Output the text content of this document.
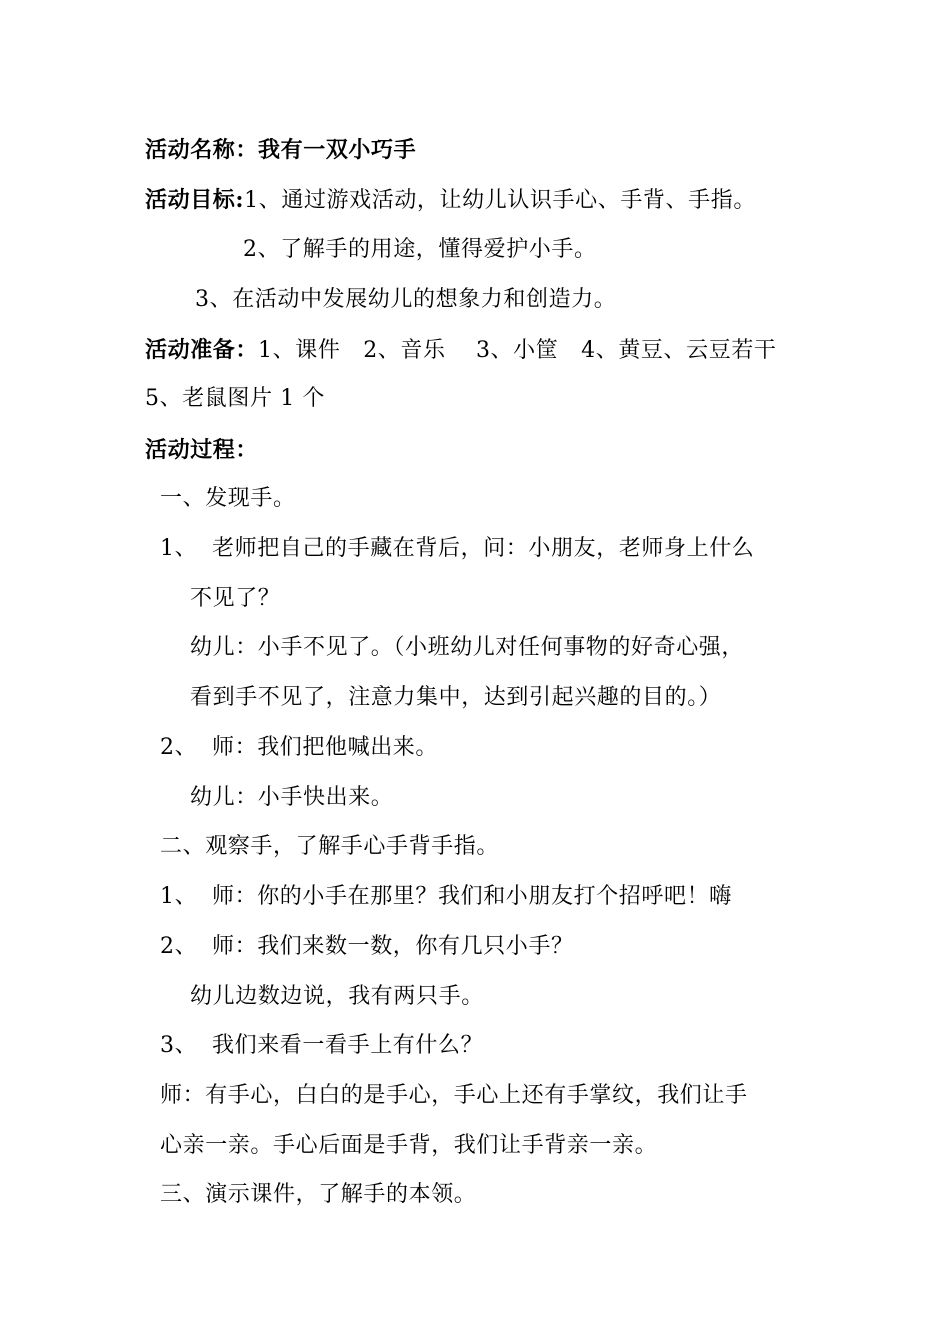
活动名称：我有一双小巧手
活动目标:1、通过游戏活动，让幼儿认识手心、手背、手指。
2、了解手的用途，懂得爱护小手。
3、在活动中发展幼儿的想象力和创造力。
活动准备：1、课件   2、音乐    3、小筐   4、黄豆、云豆若干
5、老鼠图片 1 个
活动过程：
一、发现手。
1、 老师把自己的手藏在背后，问：小朋友，老师身上什么
不见了？
幼儿：小手不见了。（小班幼儿对任何事物的好奇心强，
看到手不见了，注意力集中，达到引起兴趣的目的。）
2、 师：我们把他喊出来。
幼儿：小手快出来。
二、观察手，了解手心手背手指。
1、 师：你的小手在那里？我们和小朋友打个招呼吧！嗨
2、 师：我们来数一数，你有几只小手？
幼儿边数边说，我有两只手。
3、 我们来看一看手上有什么？
师：有手心，白白的是手心，手心上还有手掌纹，我们让手
心亲一亲。手心后面是手背，我们让手背亲一亲。
三、演示课件，了解手的本领。
